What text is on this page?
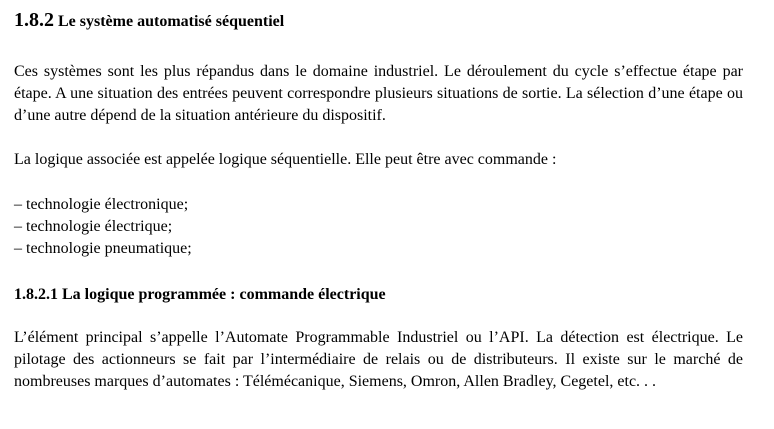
1.8.2 Le système automatisé séquentiel

Ces systèmes sont les plus répandus dans le domaine industriel. Le déroulement du cycle s’effectue étape par étape. A une situation des entrées peuvent correspondre plusieurs situations de sortie. La sélection d’une étape ou d’une autre dépend de la situation antérieure du dispositif.

La logique associée est appelée logique séquentielle. Elle peut être avec commande :
– technologie électronique;
– technologie électrique;
– technologie pneumatique;
1.8.2.1 La logique programmée : commande électrique

L’élément principal s’appelle l’Automate Programmable Industriel ou l’API. La détection est électrique. Le pilotage des actionneurs se fait par l’intermédiaire de relais ou de distributeurs. Il existe sur le marché de nombreuses marques d’automates : Télémécanique, Siemens, Omron, Allen Bradley, Cegetel, etc. . .
